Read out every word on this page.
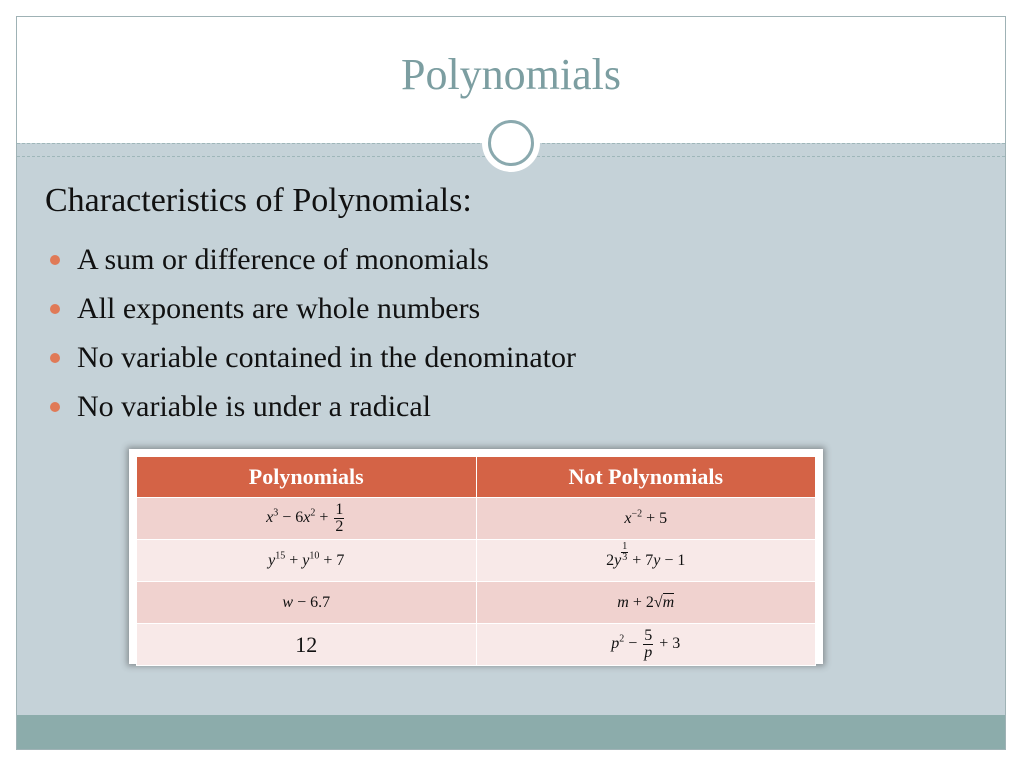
Polynomials
Characteristics of Polynomials:
A sum or difference of monomials
All exponents are whole numbers
No variable contained in the denominator
No variable is under a radical
Polynomials	Not Polynomials
$x^3 - 6x^2 + \frac{1}{2}$	$x^{-2} + 5$
$y^{15} + y^{10} + 7$	$2y \frac{1}{3} + 7y - 1$
w − 6.7	m + 2√m
12	$p^2 - \frac{5}{p} + 3$
